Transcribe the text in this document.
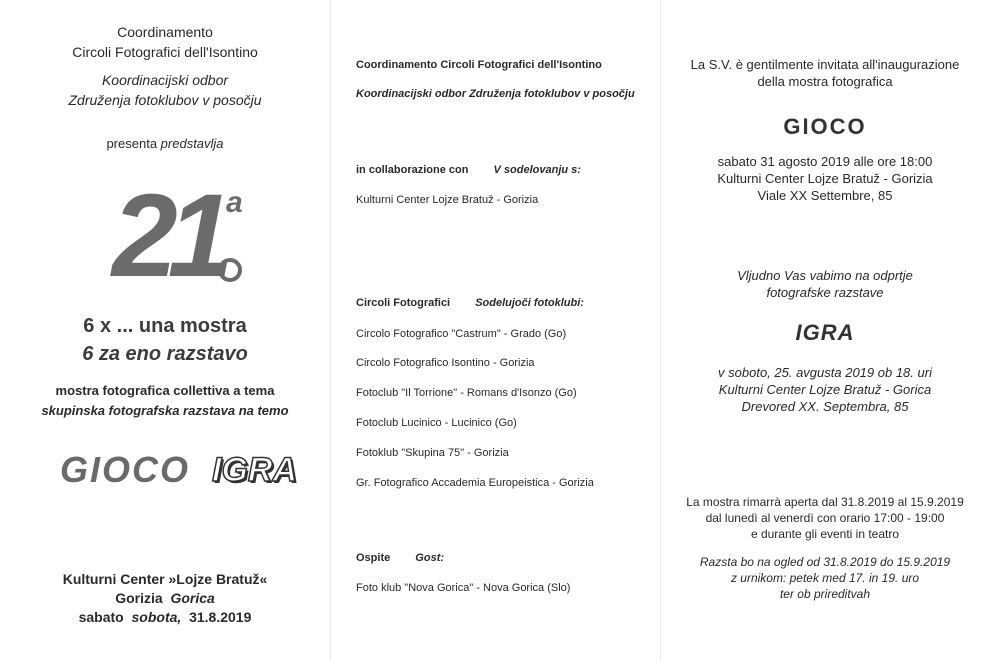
Coordinamento
Circoli Fotografici dell'Isontino
Koordinacijski odbor
Združenja fotoklubov v posočju
presenta predstavlja
21 a
6 x ... una mostra
6 za eno razstavo
mostra fotografica collettiva a tema
skupinska fotografska razstava na temo
GIOCO IGRA
Kulturni Center »Lojze Bratuž«
Gorizia Gorica
sabato sobota, 31.8.2019
Coordinamento Circoli Fotografici dell'Isontino
Koordinacijski odbor Združenja fotoklubov v posočju
in collaborazione con V sodelovanju s:
Kulturni Center Lojze Bratuž - Gorizia
Circoli Fotografici Sodelujoči fotoklubi:
Circolo Fotografico "Castrum" - Grado (Go)
Circolo Fotografico Isontino - Gorizia
Fotoclub "Il Torrione" - Romans d'Isonzo (Go)
Fotoclub Lucinico - Lucinico (Go)
Fotoklub "Skupina 75" - Gorizia
Gr. Fotografico Accademia Europeistica - Gorizia
Ospite Gost:
Foto klub "Nova Gorica" - Nova Gorica (Slo)
La S.V. è gentilmente invitata all'inaugurazione
della mostra fotografica
GIOCO
sabato 31 agosto 2019 alle ore 18:00
Kulturni Center Lojze Bratuž - Gorizia
Viale XX Settembre, 85
Vljudno Vas vabimo na odprtje
fotografske razstave
IGRA
v soboto, 25. avgusta 2019 ob 18. uri
Kulturni Center Lojze Bratuž - Gorica
Drevored XX. Septembra, 85
La mostra rimarrà aperta dal 31.8.2019 al 15.9.2019
dal lunedì al venerdì con orario 17:00 - 19:00
e durante gli eventi in teatro
Razsta bo na ogled od 31.8.2019 do 15.9.2019
z urnikom: petek med 17. in 19. uro
ter ob prireditvah
